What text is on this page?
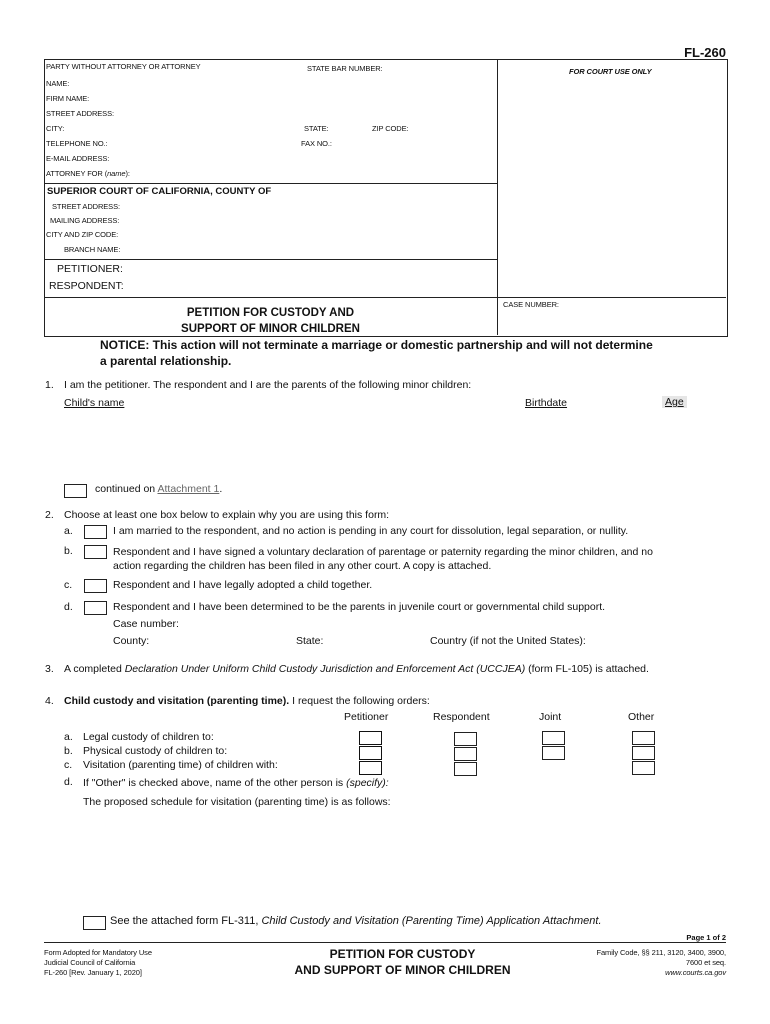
FL-260
PARTY WITHOUT ATTORNEY OR ATTORNEY	STATE BAR NUMBER:	FOR COURT USE ONLY
NAME:
FIRM NAME:
STREET ADDRESS:
CITY:	STATE:	ZIP CODE:
TELEPHONE NO.:	FAX NO.:
E-MAIL ADDRESS:
ATTORNEY FOR (name):
SUPERIOR COURT OF CALIFORNIA, COUNTY OF
STREET ADDRESS:
MAILING ADDRESS:
CITY AND ZIP CODE:
BRANCH NAME:
PETITIONER:
RESPONDENT:
PETITION FOR CUSTODY AND
SUPPORT OF MINOR CHILDREN
CASE NUMBER:
NOTICE: This action will not terminate a marriage or domestic partnership and will not determine
a parental relationship.
1. I am the petitioner. The respondent and I are the parents of the following minor children:
Child's name	Birthdate	Age
continued on Attachment 1.
2. Choose at least one box below to explain why you are using this form:
a.	I am married to the respondent, and no action is pending in any court for dissolution, legal separation, or nullity.
b.	Respondent and I have signed a voluntary declaration of parentage or paternity regarding the minor children, and no
action regarding the children has been filed in any other court. A copy is attached.
c.	Respondent and I have legally adopted a child together.
d.	Respondent and I have been determined to be the parents in juvenile court or governmental child support.
Case number:
County:	State:	Country (if not the United States):
3. A completed Declaration Under Uniform Child Custody Jurisdiction and Enforcement Act (UCCJEA) (form FL-105) is attached.
4. Child custody and visitation (parenting time). I request the following orders:
Petitioner	Respondent	Joint	Other
a. Legal custody of children to:
b. Physical custody of children to:
c. Visitation (parenting time) of children with:
d. If "Other" is checked above, name of the other person is (specify):
The proposed schedule for visitation (parenting time) is as follows:
See the attached form FL-311, Child Custody and Visitation (Parenting Time) Application Attachment.
Page 1 of 2
Form Adopted for Mandatory Use
Judicial Council of California
FL-260 [Rev. January 1, 2020]
PETITION FOR CUSTODY
AND SUPPORT OF MINOR CHILDREN
Family Code, §§ 211, 3120, 3400, 3900,
7600 et seq.
www.courts.ca.gov
